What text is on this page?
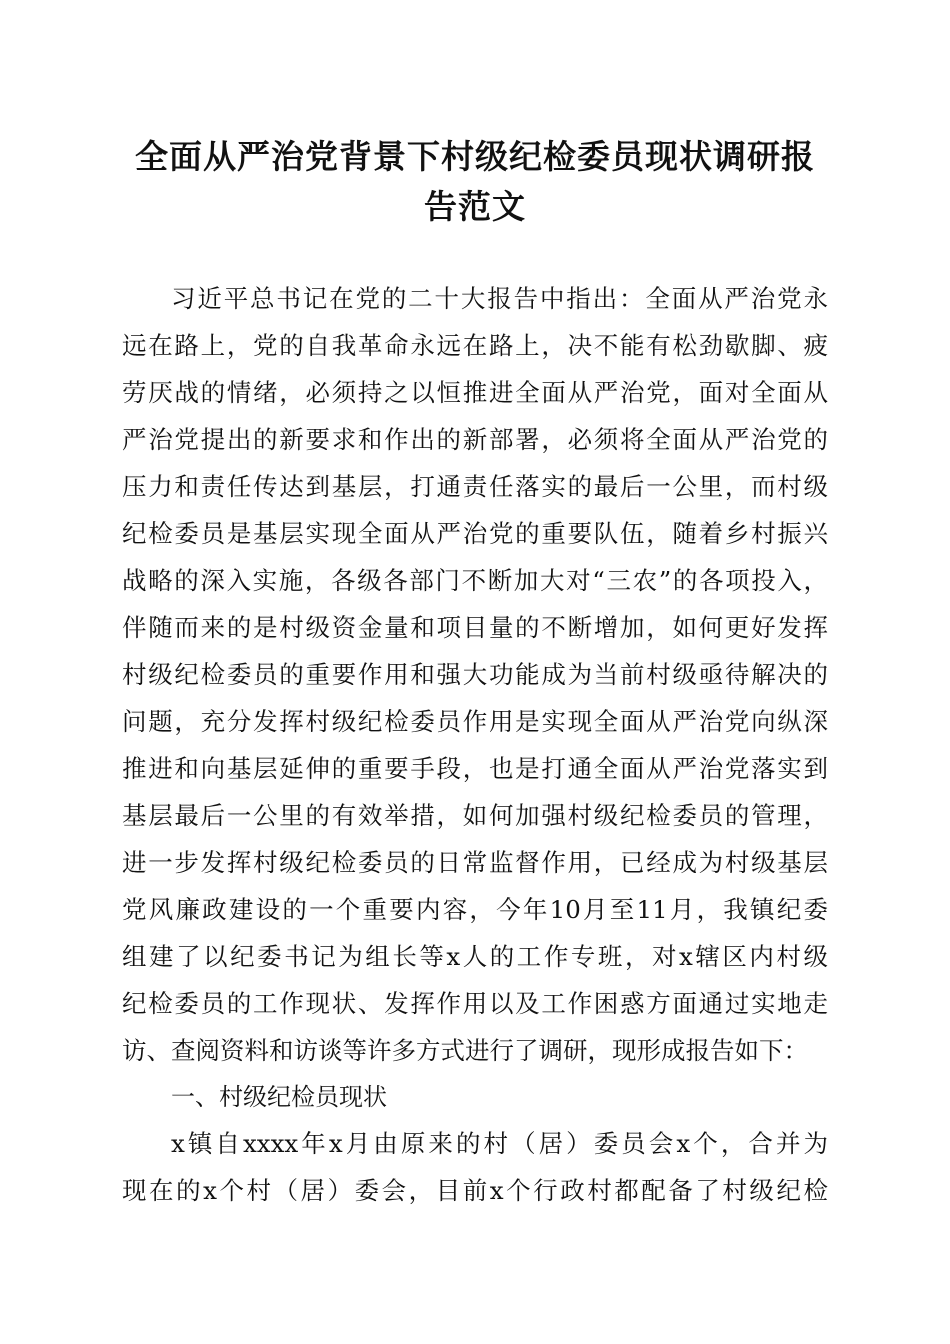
全面从严治党背景下村级纪检委员现状调研报
告范文
习近平总书记在党的二十大报告中指出：全面从严治党永
远在路上，党的自我革命永远在路上，决不能有松劲歇脚、疲
劳厌战的情绪，必须持之以恒推进全面从严治党，面对全面从
严治党提出的新要求和作出的新部署，必须将全面从严治党的
压力和责任传达到基层，打通责任落实的最后一公里，而村级
纪检委员是基层实现全面从严治党的重要队伍，随着乡村振兴
战略的深入实施，各级各部门不断加大对“三农”的各项投入，
伴随而来的是村级资金量和项目量的不断增加，如何更好发挥
村级纪检委员的重要作用和强大功能成为当前村级亟待解决的
问题，充分发挥村级纪检委员作用是实现全面从严治党向纵深
推进和向基层延伸的重要手段，也是打通全面从严治党落实到
基层最后一公里的有效举措，如何加强村级纪检委员的管理，
进一步发挥村级纪检委员的日常监督作用，已经成为村级基层
党风廉政建设的一个重要内容，今年10月至11月，我镇纪委
组建了以纪委书记为组长等x人的工作专班，对x辖区内村级
纪检委员的工作现状、发挥作用以及工作困惑方面通过实地走
访、查阅资料和访谈等许多方式进行了调研，现形成报告如下：
一、村级纪检员现状
x镇自xxxx年x月由原来的村（居）委员会x个，合并为
现在的x个村（居）委会，目前x个行政村都配备了村级纪检
